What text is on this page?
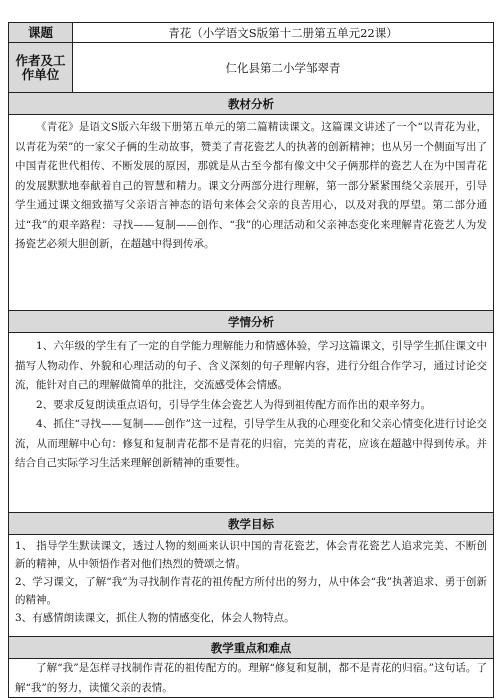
课题	青花（小学语文S版第十二册第五单元22课）
作者及工作单位	仁化县第二小学邹翠青
教材分析

《青花》是语文S版六年级下册第五单元的第二篇精读课文。这篇课文讲述了一个“以青花为业，以青花为荣”的一家父子俩的生动故事，赞美了青花瓷艺人的执著的创新精神；也从另一个侧面写出了中国青花世代相传、不断发展的原因，那就是从古至今都有像文中父子俩那样的瓷艺人在为中国青花的发展默默地奉献着自己的智慧和精力。课文分两部分进行理解，第一部分紧紧围绕父亲展开，引导学生通过课文细致描写父亲语言神态的语句来体会父亲的良苦用心，以及对我的厚望。第二部分通过“我”的艰辛路程：寻找——复制——创作、“我”的心理活动和父亲神态变化来理解青花瓷艺人为发扬瓷艺必须大胆创新，在超越中得到传承。

学情分析

1、六年级的学生有了一定的自学能力理解能力和情感体验，学习这篇课文，引导学生抓住课文中描写人物动作、外貌和心理活动的句子、含义深刻的句子理解内容，进行分组合作学习，通过讨论交流，能针对自己的理解做简单的批注，交流感受体会情感。

2、要求反复朗读重点语句，引导学生体会瓷艺人为得到祖传配方而作出的艰辛努力。

4、抓住“寻找——复制——创作”这一过程，引导学生从我的心理变化和父亲心情变化进行讨论交流，从而理解中心句：修复和复制青花都不是青花的归宿，完美的青花，应该在超越中得到传承。并结合自己实际学习生活来理解创新精神的重要性。

教学目标

1、 指导学生默读课文，透过人物的刻画来认识中国的青花瓷艺，体会青花瓷艺人追求完美、不断创新的精神，从中领悟作者对他们热烈的赞颂之情。

2、学习课文，了解“我”为寻找制作青花的祖传配方所付出的努力，从中体会“我”执著追求、勇于创新的精神。

3、有感情朗读课文，抓住人物的情感变化，体会人物特点。

教学重点和难点

了解“我”是怎样寻找制作青花的祖传配方的。理解“修复和复制，都不是青花的归宿。”这句话。了解“我”的努力，读懂父亲的表情。
